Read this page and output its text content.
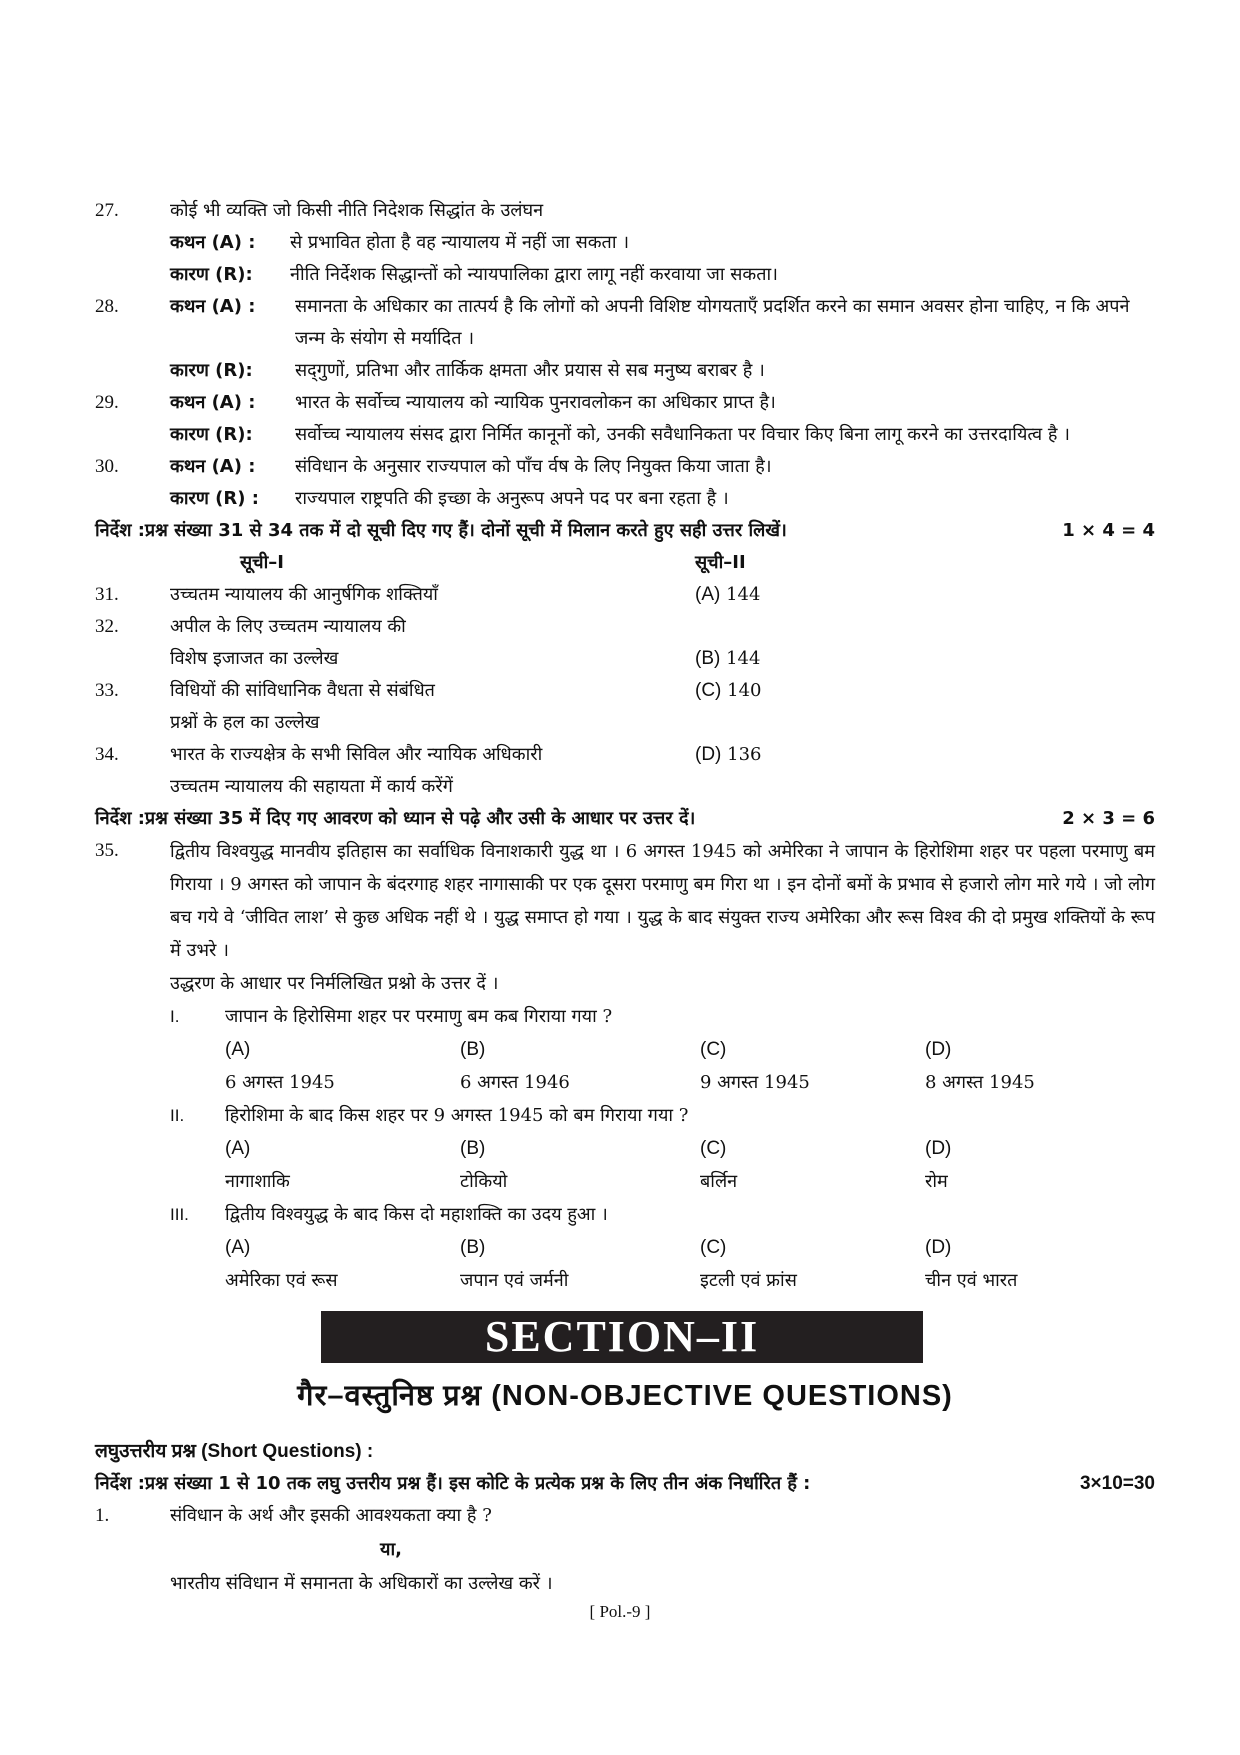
27.	कोई भी व्यक्ति जो किसी नीति निदेशक सिद्धांत के उलंघन
कथन (A) : से प्रभावित होता है वह न्यायालय में नहीं जा सकता ।
कारण (R): नीति निर्देशक सिद्धान्तों को न्यायपालिका द्वारा लागू नहीं करवाया जा सकता।
28.	कथन (A) :	समानता के अधिकार का तात्पर्य है कि लोगों को अपनी विशिष्ट योगयताएँ प्रदर्शित करने का समान अवसर होना चाहिए, न कि अपने जन्म के संयोग से मर्यादित ।
कारण (R):	सद्‌गुणों, प्रतिभा और तार्किक क्षमता और प्रयास से सब मनुष्य बराबर है ।
29.	कथन (A) :	भारत के सर्वोच्च न्यायालय को न्यायिक पुनरावलोकन का अधिकार प्राप्त है।
कारण (R):	सर्वोच्च न्यायालय संसद द्वारा निर्मित कानूनों को, उनकी सवैधानिकता पर विचार किए बिना लागू करने का उत्तरदायित्व है ।
30.	कथन (A) :	संविधान के अनुसार राज्यपाल को पाँच र्वष के लिए नियुक्त किया जाता है।
कारण (R) :	राज्यपाल राष्ट्रपति की इच्छा के अनुरूप अपने पद पर बना रहता है ।
निर्देश : प्रश्न संख्या 31 से 34 तक में दो सूची दिए गए हैं। दोनों सूची में मिलान करते हुए सही उत्तर लिखें।	1 × 4 = 4
सूची–I	सूची–II
31.	उच्चतम न्यायालय की आनुर्षगिक शक्तियाँ	(A) 144
32.	अपील के लिए उच्चतम न्यायालय की
विशेष इजाजत का उल्लेख	(B) 144
33.	विधियों की सांविधानिक वैधता से संबंधित	(C) 140
प्रश्नों के हल का उल्लेख
34.	भारत के राज्यक्षेत्र के सभी सिविल और न्यायिक अधिकारी	(D) 136
उच्चतम न्यायालय की सहायता में कार्य करेंगें
निर्देश : प्रश्न संख्या 35 में दिए गए आवरण को ध्यान से पढ़े और उसी के आधार पर उत्तर दें।	2 × 3 = 6
35.	द्वितीय विश्वयुद्ध मानवीय इतिहास का सर्वाधिक विनाशकारी युद्ध था । 6 अगस्त 1945 को अमेरिका ने जापान के हिरोशिमा शहर पर पहला परमाणु बम गिराया । 9 अगस्त को जापान के बंदरगाह शहर नागासाकी पर एक दूसरा परमाणु बम गिरा था । इन दोनों बमों के प्रभाव से हजारो लोग मारे गये । जो लोग बच गये वे ‘जीवित लाश’ से कुछ अधिक नहीं थे । युद्ध समाप्त हो गया । युद्ध के बाद संयुक्त राज्य अमेरिका और रूस विश्व की दो प्रमुख शक्तियों के रूप में उभरे ।
उद्धरण के आधार पर निर्मलिखित प्रश्नो के उत्तर दें ।
I.	जापान के हिरोसिमा शहर पर परमाणु बम कब गिराया गया ?
(A)
6 अगस्त 1945
(B)
6 अगस्त 1946
(C)
9 अगस्त 1945
(D)
8 अगस्त 1945
II.	हिरोशिमा के बाद किस शहर पर 9 अगस्त 1945 को बम गिराया गया ?
(A)
नागाशाकि
(B)
टोकियो
(C)
बर्लिन
(D)
रोम
III.	द्वितीय विश्वयुद्ध के बाद किस दो महाशक्ति का उदय हुआ ।
(A)
अमेरिका एवं रूस
(B)
जपान एवं जर्मनी
(C)
इटली एवं फ्रांस
(D)
चीन एवं भारत
SECTION–II
गैर–वस्तुनिष्ठ प्रश्न (NON-OBJECTIVE QUESTIONS)
लघुउत्तरीय प्रश्न (Short Questions) :
निर्देश : प्रश्न संख्या 1 से 10 तक लघु उत्तरीय प्रश्न हैं। इस कोटि के प्रत्येक प्रश्न के लिए तीन अंक निर्धारित हैं :	3×10=30
1.	संविधान के अर्थ और इसकी आवश्यकता क्या है ?
या,
भारतीय संविधान में समानता के अधिकारों का उल्लेख करें ।
[ Pol.-9 ]
